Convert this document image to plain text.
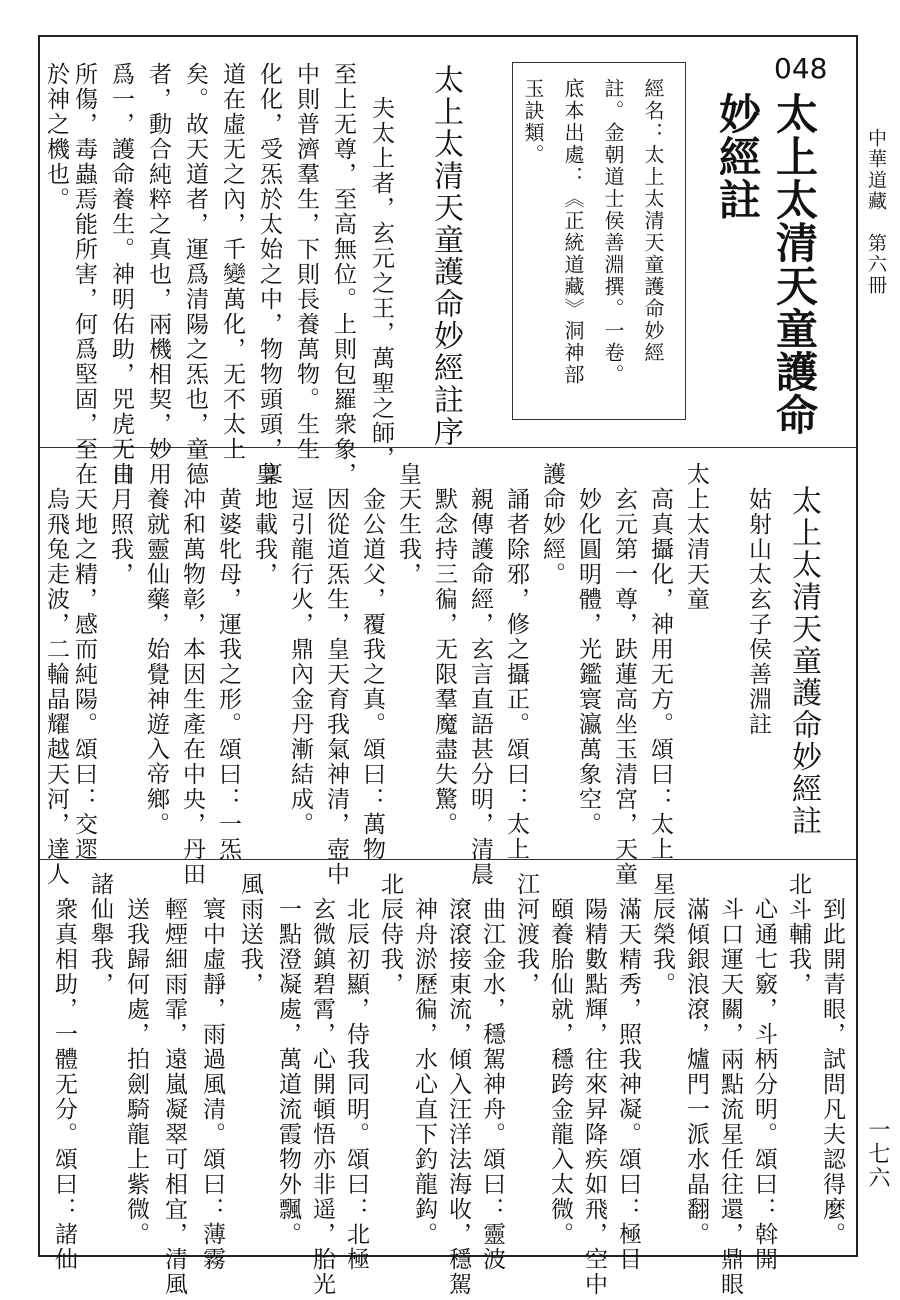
中華道藏　第六冊
一七六
048
太上太清天童護命
妙經註
經名：太上太清天童護命妙經
註。金朝道士侯善淵撰。一卷。
底本出處：《正統道藏》洞神部
玉訣類。
太上太清天童護命妙經註序
夫太上者，玄元之王，萬聖之師，
至上无尊，至高無位。上則包羅衆象，
中則普濟羣生，下則長養萬物。生生
化化，受炁於太始之中，物物頭頭，稟
道在虛无之內，千變萬化，无不太上
矣。故天道者，運爲清陽之炁也，童德
者，動合純粹之真也，兩機相契，妙用
爲一，護命養生。神明佑助，兕虎无由
所傷，毒蟲焉能所害，何爲堅固，至在
於神之機也。
太上太清天童護命妙經註
　姑射山太玄子侯善淵註
太上太清天童
　高真攝化，神用无方。頌曰：太上
　玄元第一尊，趺蓮高坐玉清宮，天童
　妙化圓明體，光鑑寰瀛萬象空。
護命妙經。
　誦者除邪，修之攝正。頌曰：太上
　親傳護命經，玄言直語甚分明，清晨
　默念持三徧，无限羣魔盡失驚。
皇天生我，
　金公道父，覆我之真。頌曰：萬物
　因從道炁生，皇天育我氣神清，壺中
　逗引龍行火，鼎內金丹漸結成。
皇地載我，
　黄婆牝母，運我之形。頌曰：一炁
　冲和萬物彰，本因生產在中央，丹田
　養就靈仙藥，始覺神遊入帝鄉。
日月照我，
　天地之精，感而純陽。頌曰：交遝
　烏飛兔走波，二輪晶耀越天河，達人
　到此開青眼，試問凡夫認得麼。
北斗輔我，
　心通七竅，斗柄分明。頌曰：斡開
　斗口運天關，兩點流星任往還，鼎眼
　滿傾銀浪滾，爐門一派水晶翻。
星辰榮我。
　滿天精秀，照我神凝。頌曰：極目
　陽精數點輝，往來昇降疾如飛，空中
　頤養胎仙就，穩跨金龍入太微。
江河渡我，
　曲江金水，穩駕神舟。頌曰：靈波
　滾滾接東流，傾入汪洋法海收，穩駕
　神舟淤歷徧，水心直下釣龍鈎。
北辰侍我，
　北辰初顯，侍我同明。頌曰：北極
　玄微鎮碧霄，心開頓悟亦非遥，胎光
　一點澄凝處，萬道流霞物外飄。
風雨送我，
　寰中虛靜，雨過風清。頌曰：薄霧
　輕煙細雨霏，遠嵐凝翠可相宜，清風
　送我歸何處，拍劍騎龍上紫微。
諸仙舉我，
　衆真相助，一體无分。頌曰：諸仙
